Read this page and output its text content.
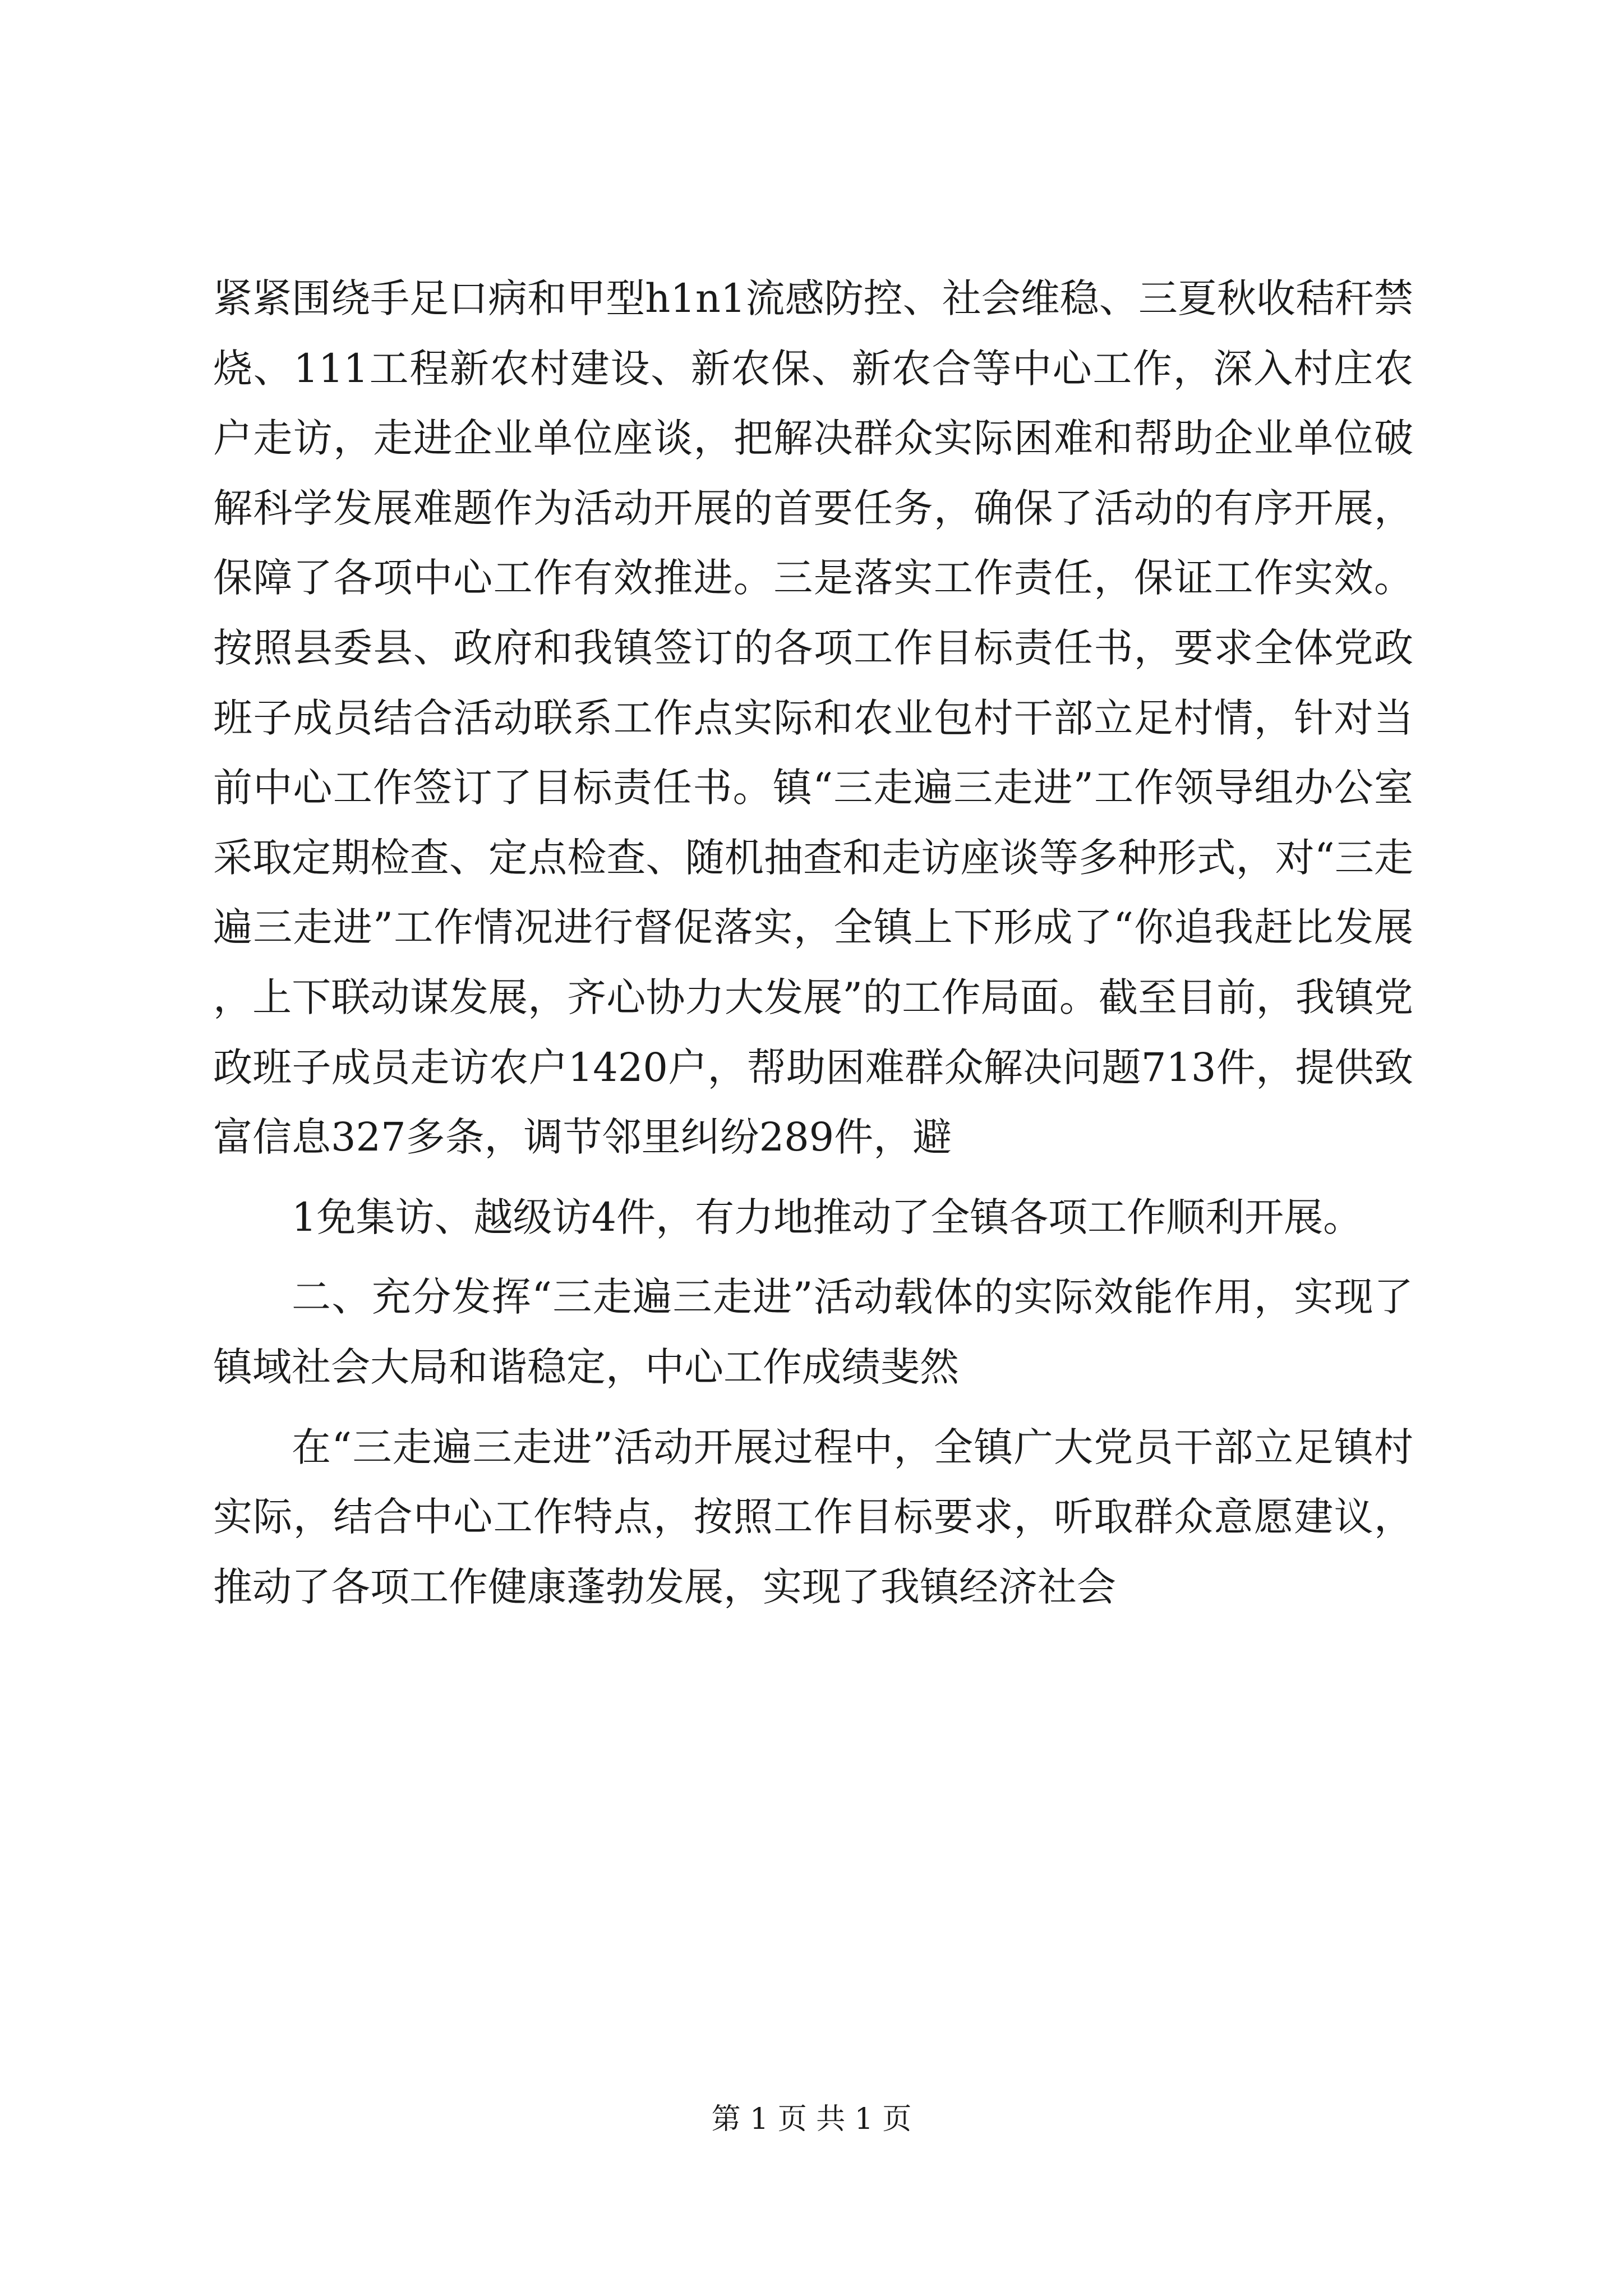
紧紧围绕手足口病和甲型h1n1流感防控、社会维稳、三夏秋收秸秆禁烧、111工程新农村建设、新农保、新农合等中心工作，深入村庄农户走访，走进企业单位座谈，把解决群众实际困难和帮助企业单位破解科学发展难题作为活动开展的首要任务，确保了活动的有序开展，保障了各项中心工作有效推进。三是落实工作责任，保证工作实效。按照县委县、政府和我镇签订的各项工作目标责任书，要求全体党政班子成员结合活动联系工作点实际和农业包村干部立足村情，针对当前中心工作签订了目标责任书。镇“三走遍三走进”工作领导组办公室采取定期检查、定点检查、随机抽查和走访座谈等多种形式，对“三走遍三走进”工作情况进行督促落实，全镇上下形成了“你追我赶比发展，上下联动谋发展，齐心协力大发展”的工作局面。截至目前，我镇党政班子成员走访农户1420户，帮助困难群众解决问题713件，提供致富信息327多条，调节邻里纠纷289件，避

1免集访、越级访4件，有力地推动了全镇各项工作顺利开展。

二、充分发挥“三走遍三走进”活动载体的实际效能作用，实现了镇域社会大局和谐稳定，中心工作成绩斐然

在“三走遍三走进”活动开展过程中，全镇广大党员干部立足镇村实际，结合中心工作特点，按照工作目标要求，听取群众意愿建议，推动了各项工作健康蓬勃发展，实现了我镇经济社会

第 1 页 共 1 页
